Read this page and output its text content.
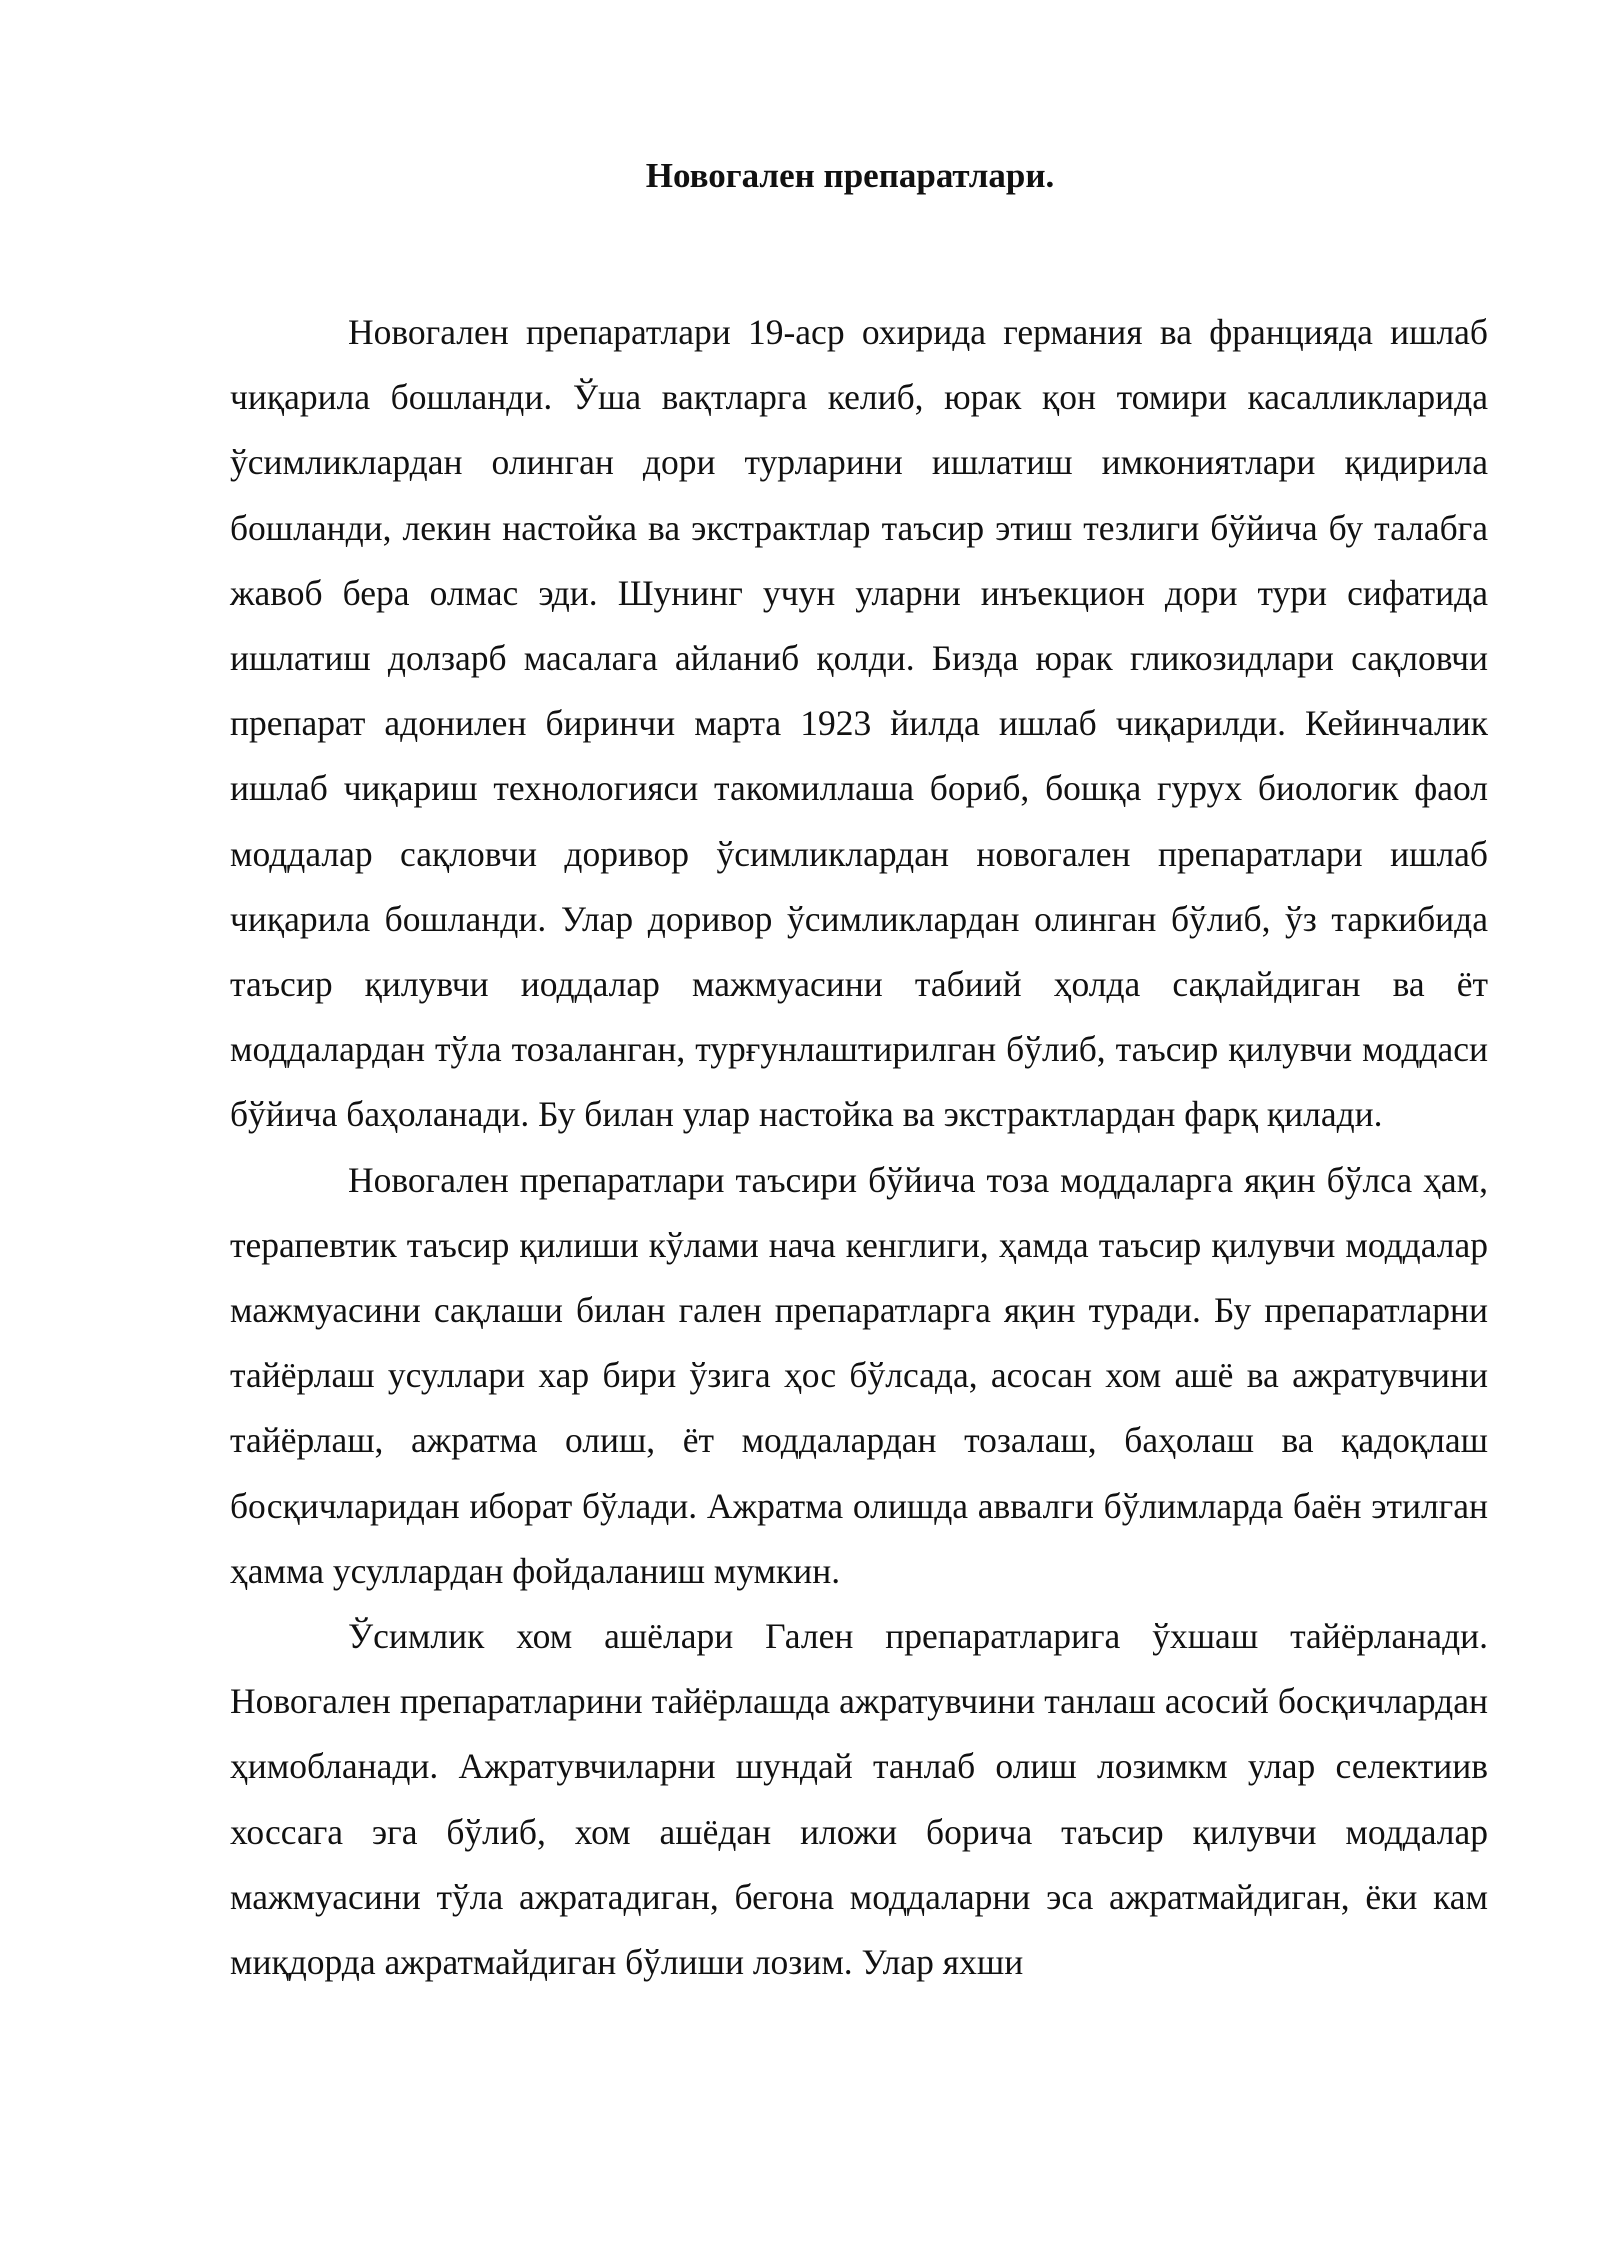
Новогален препаратлари.

Новогален препаратлари 19-аср охирида германия ва францияда ишлаб чиқарила бошланди. Ўша вақтларга келиб, юрак қон томири касалликларида ўсимликлардан олинган дори турларини ишлатиш имкониятлари қидирила бошланди, лекин настойка ва экстрактлар таъсир этиш тезлиги бўйича бу талабга жавоб бера олмас эди. Шунинг учун уларни инъекцион дори тури сифатида ишлатиш долзарб масалага айланиб қолди. Бизда юрак гликозидлари сақловчи препарат адонилен биринчи марта 1923 йилда ишлаб чиқарилди. Кейинчалик ишлаб чиқариш технологияси такомиллаша бориб, бошқа гурух биологик фаол моддалар сақловчи доривор ўсимликлардан новогален препаратлари ишлаб чиқарила бошланди. Улар доривор ўсимликлардан олинган бўлиб, ўз таркибида таъсир қилувчи иоддалар мажмуасини табиий ҳолда сақлайдиган ва ёт моддалардан тўла тозаланган, турғунлаштирилган бўлиб, таъсир қилувчи моддаси бўйича баҳоланади. Бу билан улар настойка ва экстрактлардан фарқ қилади.

Новогален препаратлари таъсири бўйича тоза моддаларга яқин бўлса ҳам, терапевтик таъсир қилиши кўлами нача кенглиги, ҳамда таъсир қилувчи моддалар мажмуасини сақлаши билан гален препаратларга яқин туради. Бу препаратларни тайёрлаш усуллари хар бири ўзига ҳос бўлсада, асосан хом ашё ва ажратувчини тайёрлаш, ажратма олиш, ёт моддалардан тозалаш, баҳолаш ва қадоқлаш босқичларидан иборат бўлади. Ажратма олишда аввалги бўлимларда баён этилган ҳамма усуллардан фойдаланиш мумкин.

Ўсимлик хом ашёлари Гален препаратларига ўхшаш тайёрланади. Новогален препаратларини тайёрлашда ажратувчини танлаш асосий босқичлардан ҳимобланади. Ажратувчиларни шундай танлаб олиш лозимкм улар селектиив хоссага эга бўлиб, хом ашёдан иложи борича таъсир қилувчи моддалар мажмуасини тўла ажратадиган, бегона моддаларни эса ажратмайдиган, ёки кам миқдорда ажратмайдиган бўлиши лозим. Улар яхши
